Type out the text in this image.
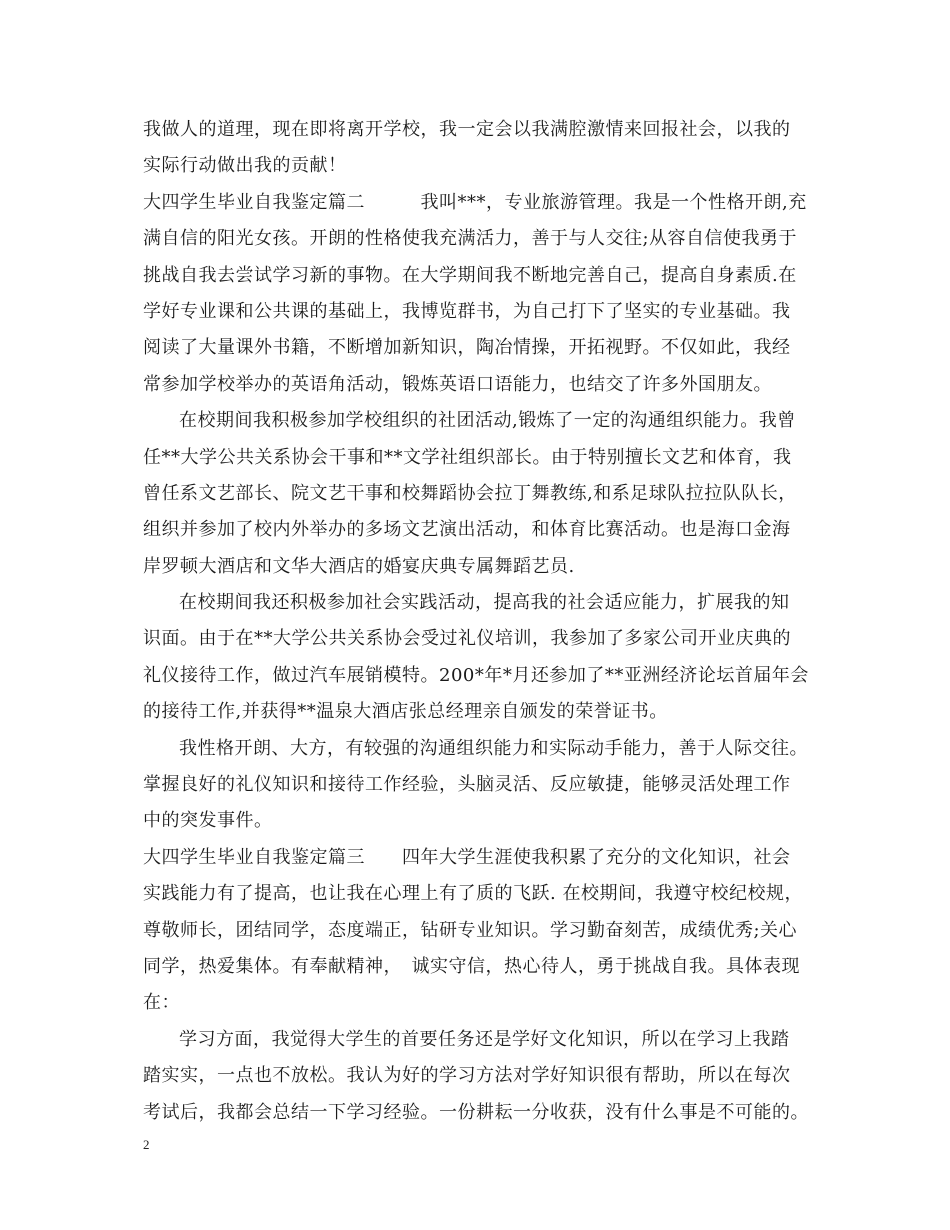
我做人的道理，现在即将离开学校，我一定会以我满腔激情来回报社会，以我的
实际行动做出我的贡献！
大四学生毕业自我鉴定篇二　　　我叫***，专业旅游管理。我是一个性格开朗,充
满自信的阳光女孩。开朗的性格使我充满活力，善于与人交往;从容自信使我勇于
挑战自我去尝试学习新的事物。在大学期间我不断地完善自己，提高自身素质.在
学好专业课和公共课的基础上，我博览群书，为自己打下了坚实的专业基础。我
阅读了大量课外书籍，不断增加新知识，陶冶情操，开拓视野。不仅如此，我经
常参加学校举办的英语角活动，锻炼英语口语能力，也结交了许多外国朋友。
在校期间我积极参加学校组织的社团活动,锻炼了一定的沟通组织能力。我曾
任**大学公共关系协会干事和**文学社组织部长。由于特别擅长文艺和体育，我
曾任系文艺部长、院文艺干事和校舞蹈协会拉丁舞教练,和系足球队拉拉队队长，
组织并参加了校内外举办的多场文艺演出活动，和体育比赛活动。也是海口金海
岸罗顿大酒店和文华大酒店的婚宴庆典专属舞蹈艺员.
在校期间我还积极参加社会实践活动，提高我的社会适应能力，扩展我的知
识面。由于在**大学公共关系协会受过礼仪培训，我参加了多家公司开业庆典的
礼仪接待工作，做过汽车展销模特。200*年*月还参加了**亚洲经济论坛首届年会
的接待工作,并获得**温泉大酒店张总经理亲自颁发的荣誉证书。
我性格开朗、大方，有较强的沟通组织能力和实际动手能力，善于人际交往。
掌握良好的礼仪知识和接待工作经验，头脑灵活、反应敏捷，能够灵活处理工作
中的突发事件。
大四学生毕业自我鉴定篇三　　四年大学生涯使我积累了充分的文化知识，社会
实践能力有了提高，也让我在心理上有了质的飞跃. 在校期间，我遵守校纪校规，
尊敬师长，团结同学，态度端正，钻研专业知识。学习勤奋刻苦，成绩优秀;关心
同学，热爱集体。有奉献精神，　诚实守信，热心待人，勇于挑战自我。具体表现
在：
学习方面，我觉得大学生的首要任务还是学好文化知识，所以在学习上我踏
踏实实，一点也不放松。我认为好的学习方法对学好知识很有帮助，所以在每次
考试后，我都会总结一下学习经验。一份耕耘一分收获，没有什么事是不可能的。
2
